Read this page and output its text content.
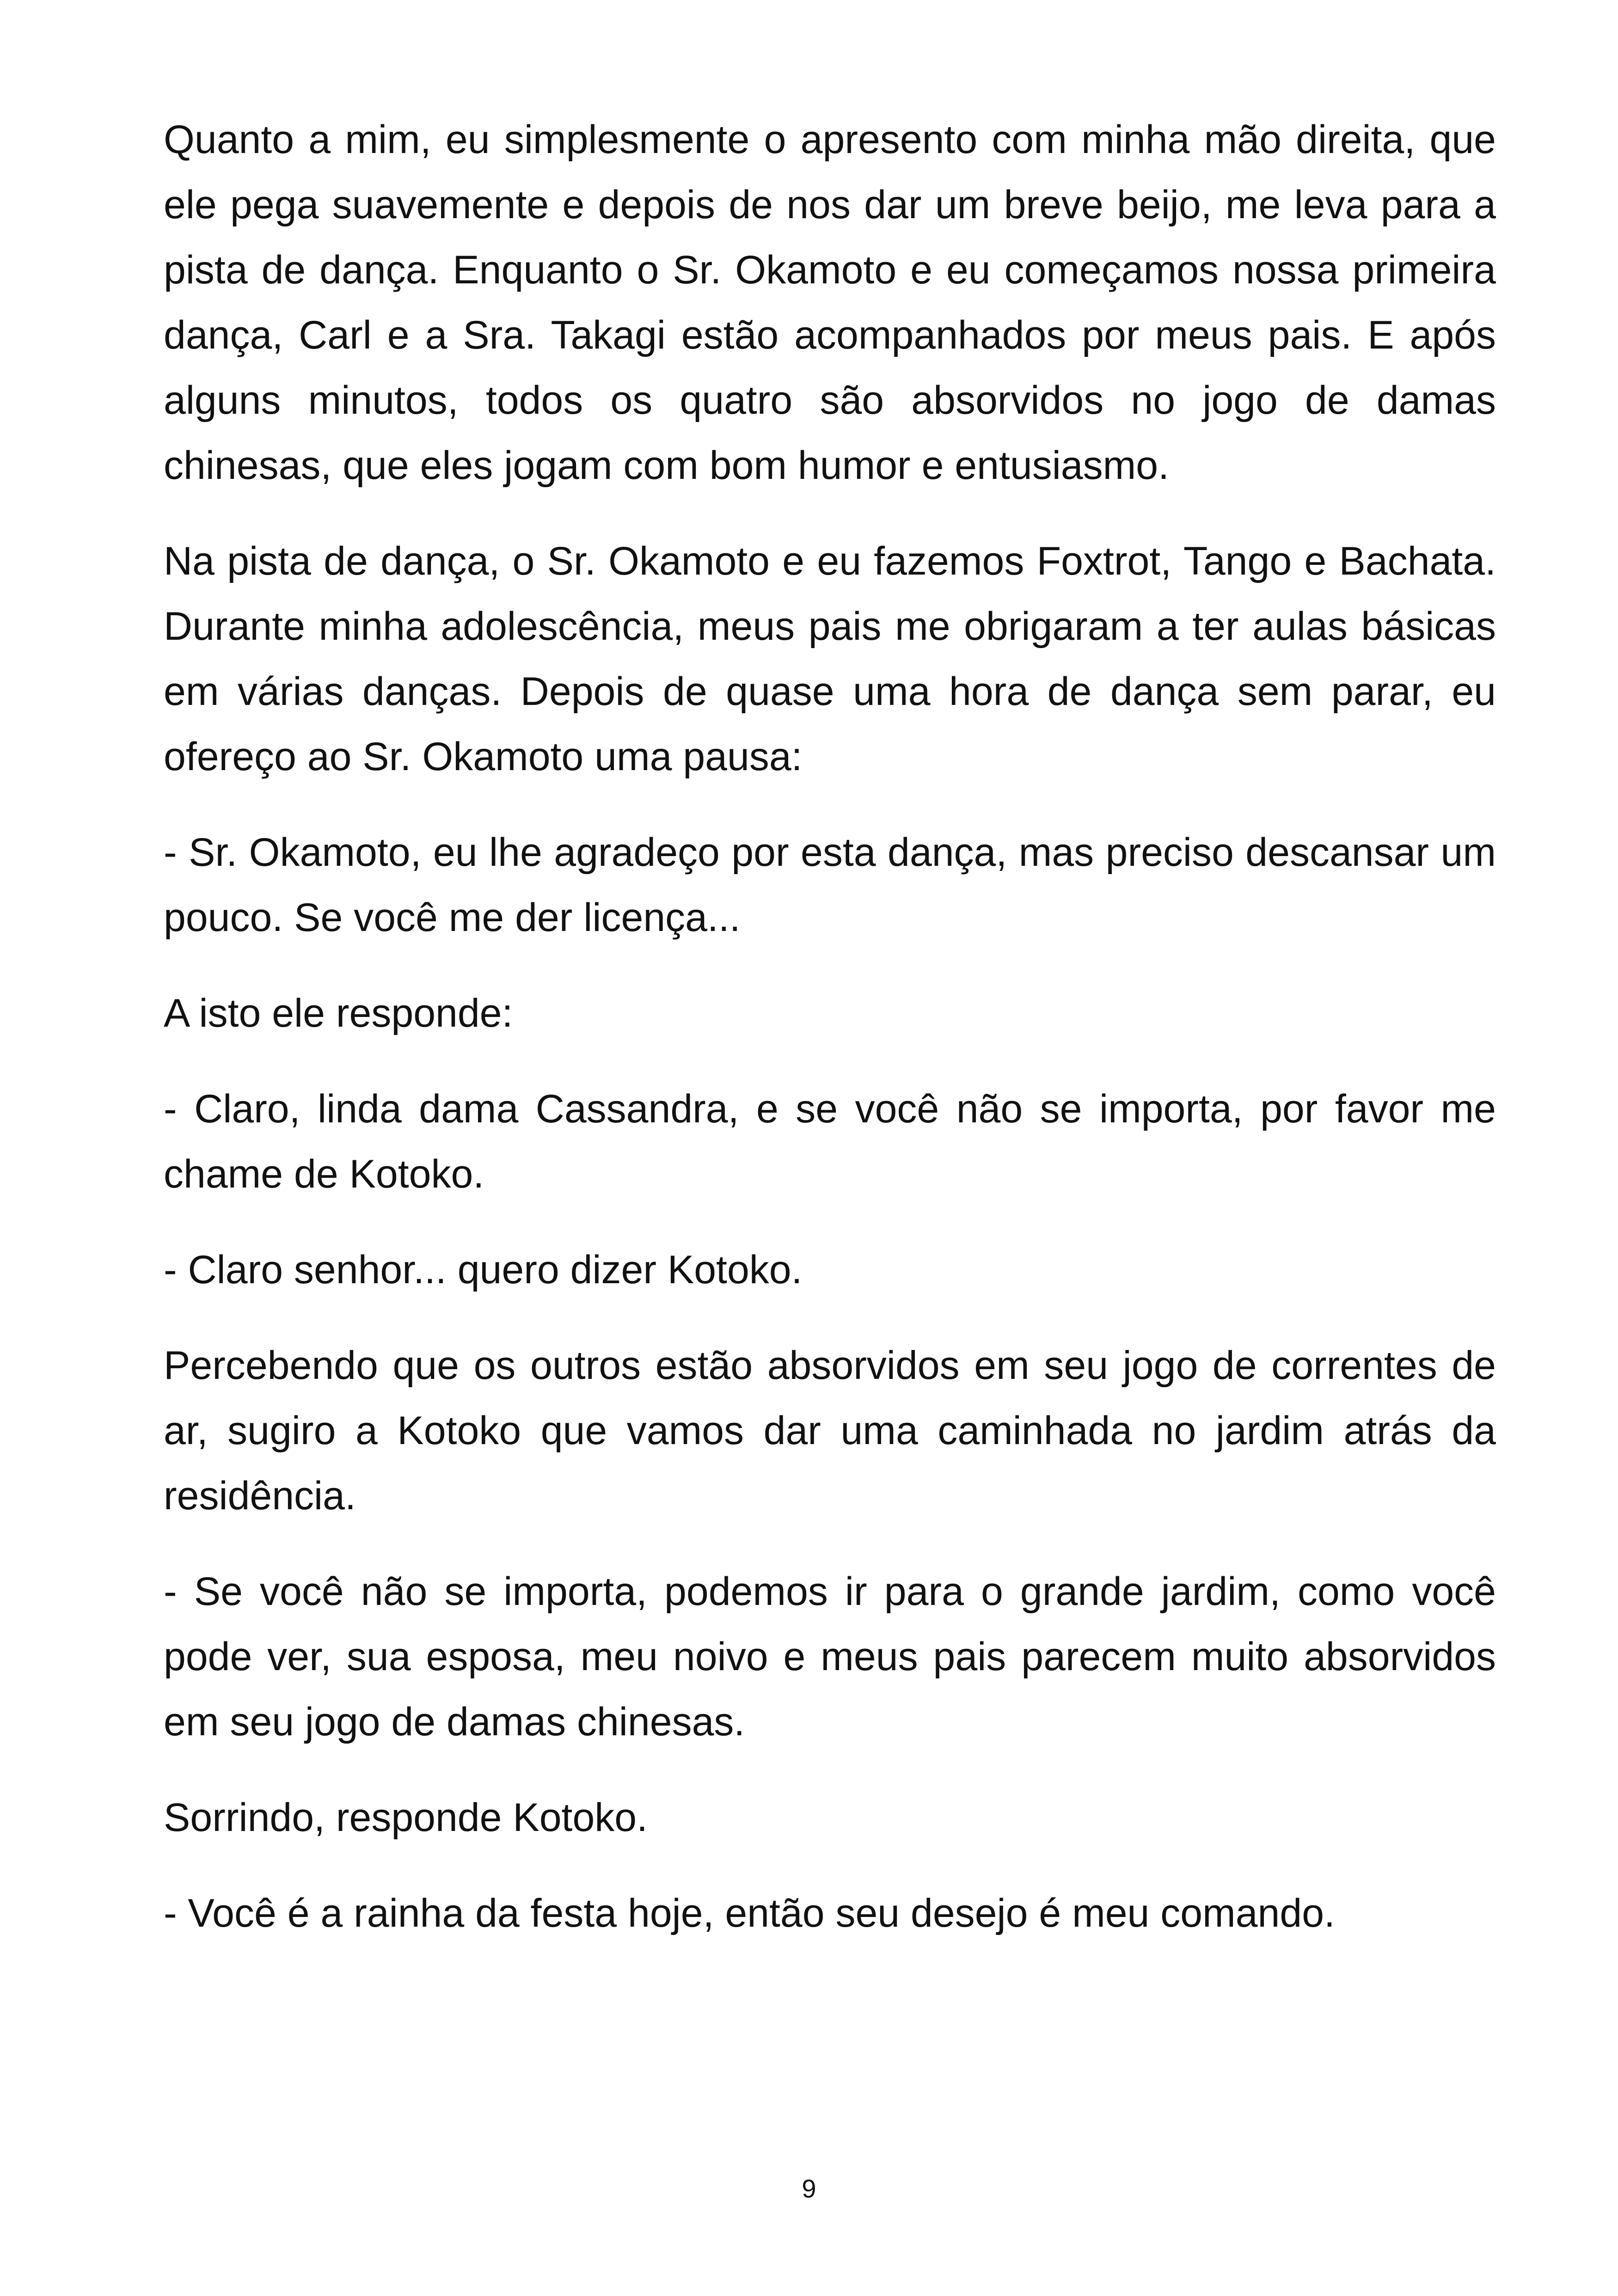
Quanto a mim, eu simplesmente o apresento com minha mão direita, que ele pega suavemente e depois de nos dar um breve beijo, me leva para a pista de dança. Enquanto o Sr. Okamoto e eu começamos nossa primeira dança, Carl e a Sra. Takagi estão acompanhados por meus pais. E após alguns minutos, todos os quatro são absorvidos no jogo de damas chinesas, que eles jogam com bom humor e entusiasmo.

Na pista de dança, o Sr. Okamoto e eu fazemos Foxtrot, Tango e Bachata. Durante minha adolescência, meus pais me obrigaram a ter aulas básicas em várias danças. Depois de quase uma hora de dança sem parar, eu ofereço ao Sr. Okamoto uma pausa:

- Sr. Okamoto, eu lhe agradeço por esta dança, mas preciso descansar um pouco. Se você me der licença...

A isto ele responde:

- Claro, linda dama Cassandra, e se você não se importa, por favor me chame de Kotoko.

- Claro senhor... quero dizer Kotoko.

Percebendo que os outros estão absorvidos em seu jogo de correntes de ar, sugiro a Kotoko que vamos dar uma caminhada no jardim atrás da residência.

- Se você não se importa, podemos ir para o grande jardim, como você pode ver, sua esposa, meu noivo e meus pais parecem muito absorvidos em seu jogo de damas chinesas.

Sorrindo, responde Kotoko.

- Você é a rainha da festa hoje, então seu desejo é meu comando.

9
